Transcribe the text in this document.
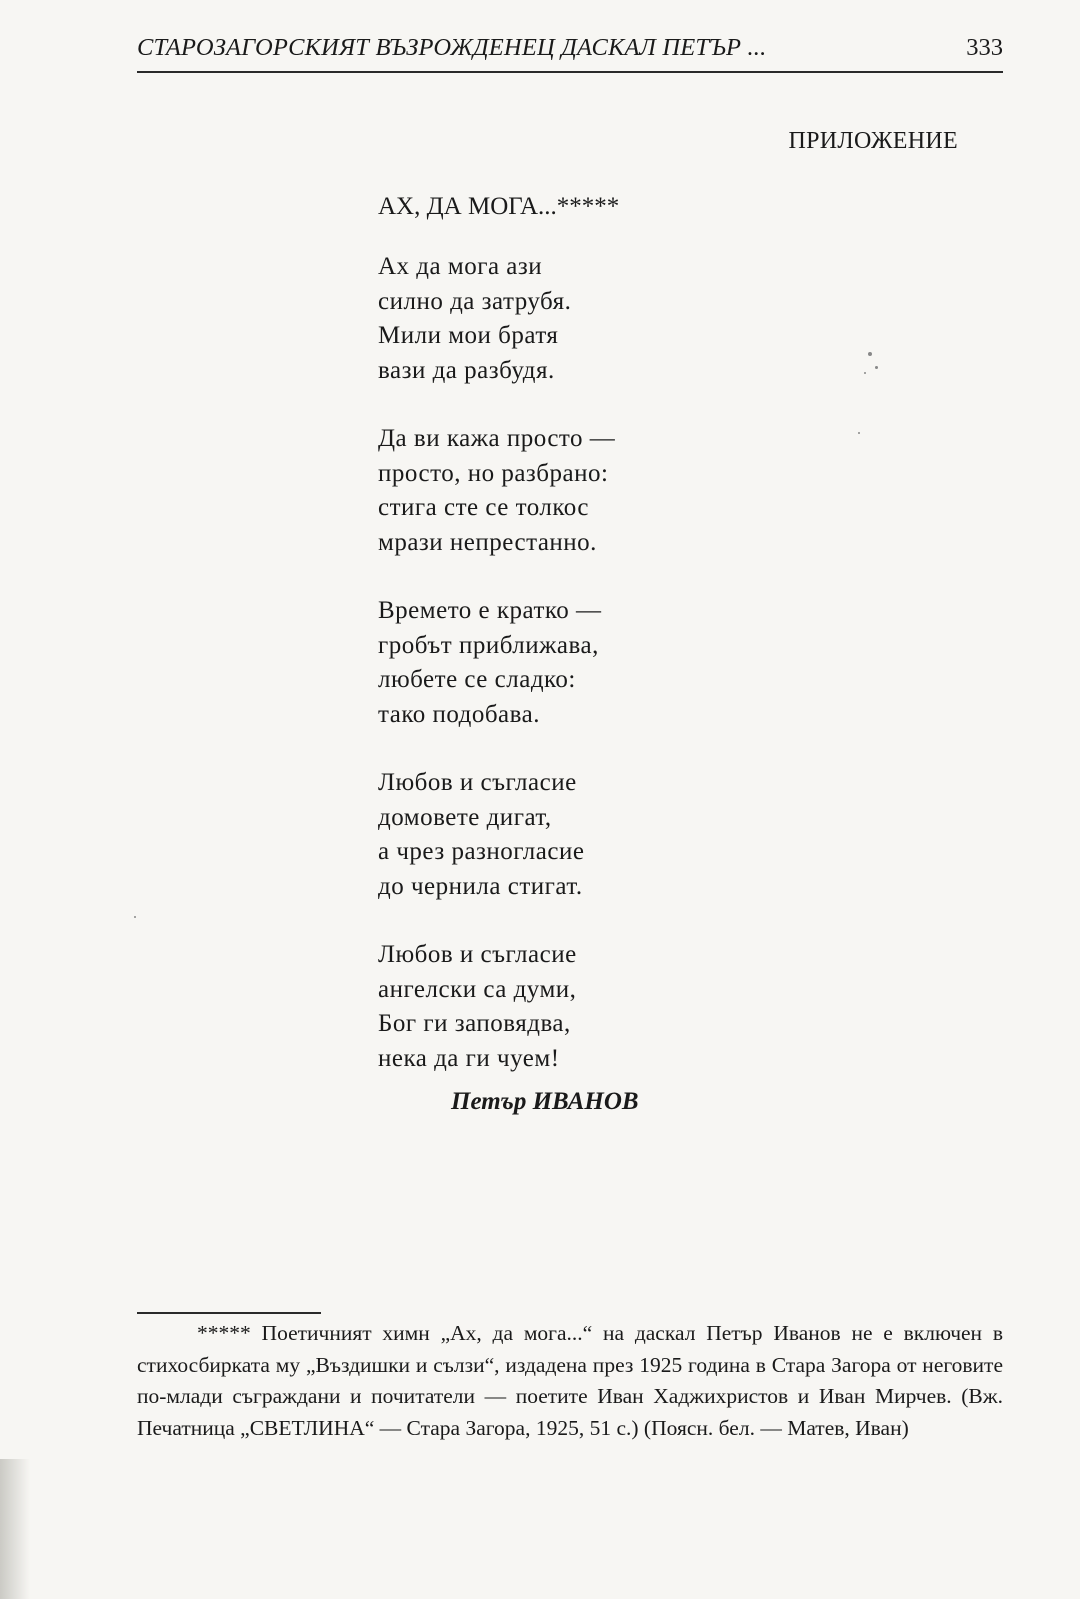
СТАРОЗАГОРСКИЯТ ВЪЗРОЖДЕНЕЦ ДАСКАЛ ПЕТЪР ...	333
ПРИЛОЖЕНИЕ
АХ, ДА МОГА...*****
Ах да мога ази
силно да затрубя.
Мили мои братя
вази да разбудя.
Да ви кажа просто —
просто, но разбрано:
стига сте се толкос
мрази непрестанно.
Времето е кратко —
гробът приближава,
любете се сладко:
тако подобава.
Любов и съгласие
домовете дигат,
а чрез разногласие
до чернила стигат.
Любов и съгласие
ангелски са думи,
Бог ги заповядва,
нека да ги чуем!
Петър ИВАНОВ
***** Поетичният химн „Ах, да мога...“ на даскал Петър Иванов не е включен в стихосбирката му „Въздишки и сълзи“, издадена през 1925 година в Стара Загора от неговите по-млади съграждани и почитатели — поетите Иван Хаджихристов и Иван Мирчев. (Вж. Печатница „СВЕТЛИНА“ — Стара Загора, 1925, 51 с.) (Поясн. бел. — Матев, Иван)
